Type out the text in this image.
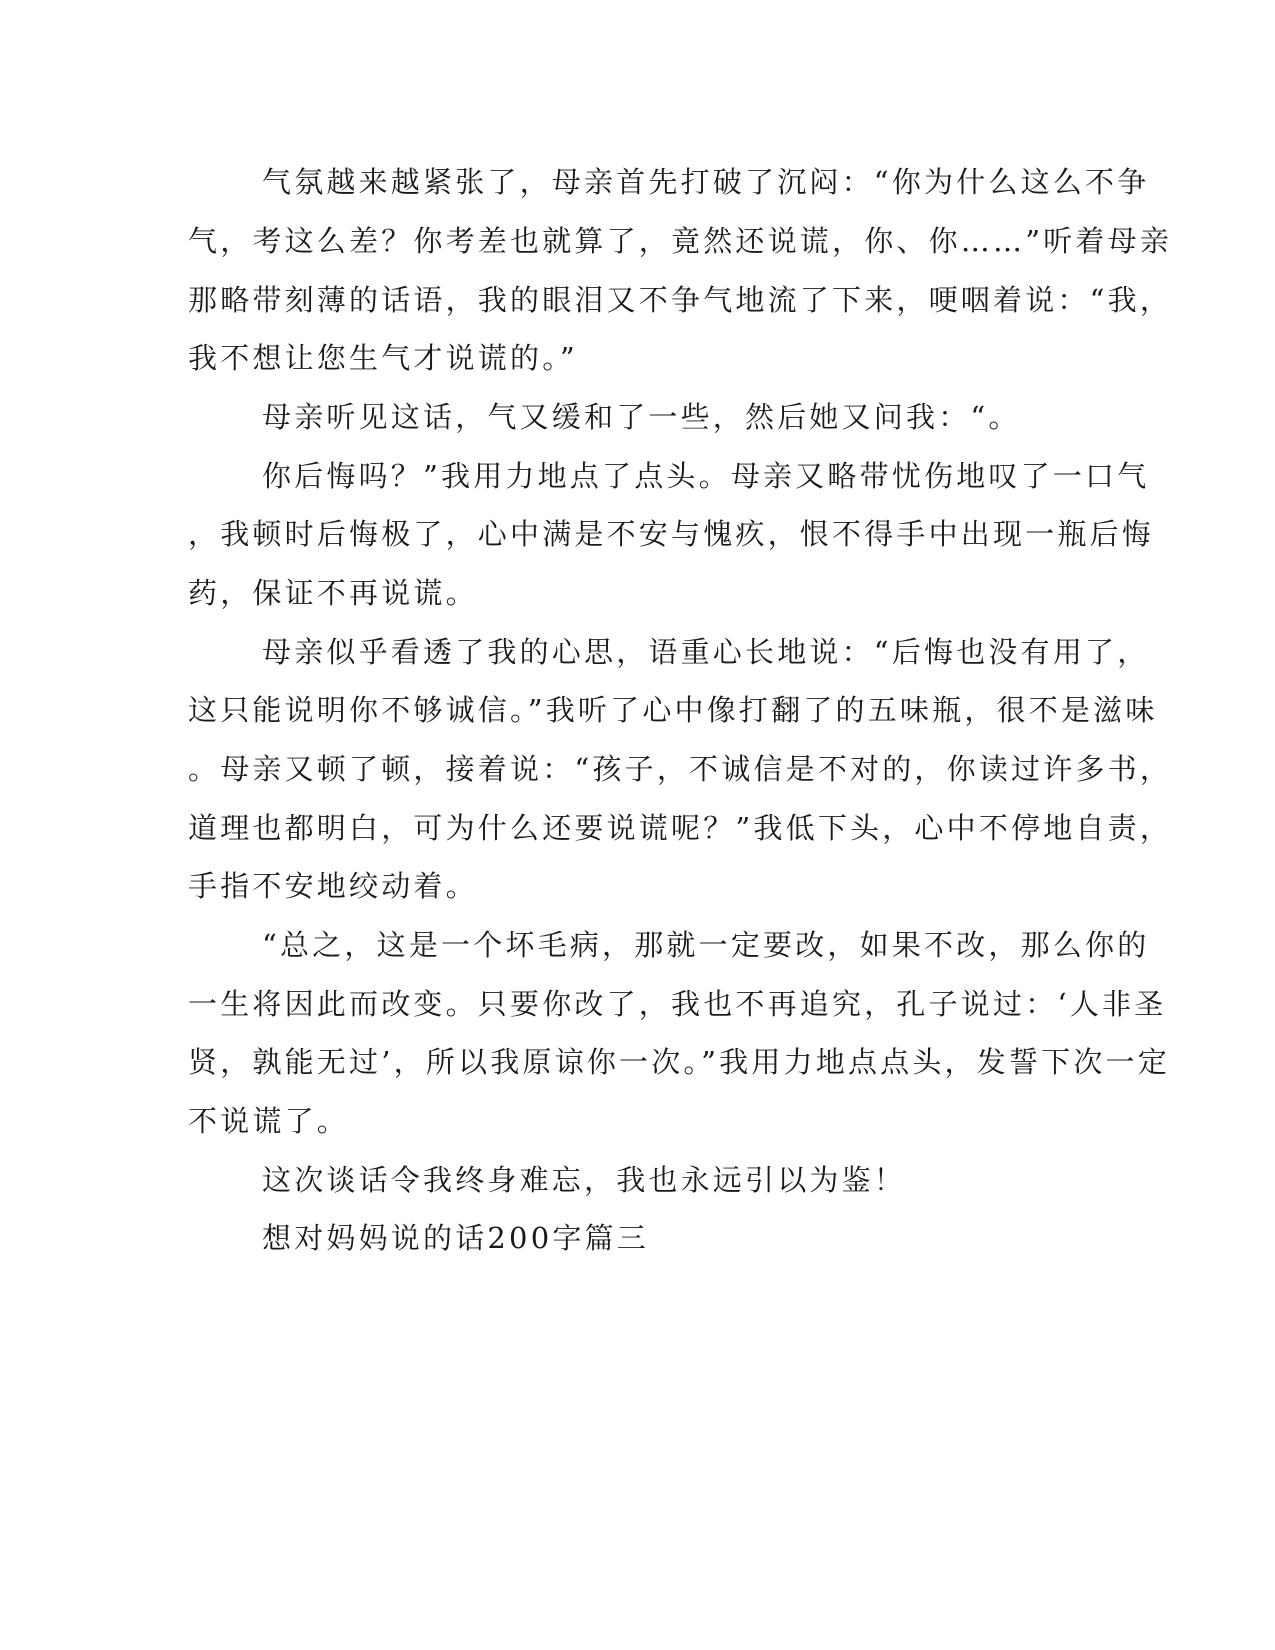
气氛越来越紧张了，母亲首先打破了沉闷：“你为什么这么不争
气，考这么差？你考差也就算了，竟然还说谎，你、你……”听着母亲
那略带刻薄的话语，我的眼泪又不争气地流了下来，哽咽着说：“我，
我不想让您生气才说谎的。”
母亲听见这话，气又缓和了一些，然后她又问我：“。
你后悔吗？”我用力地点了点头。母亲又略带忧伤地叹了一口气
，我顿时后悔极了，心中满是不安与愧疚，恨不得手中出现一瓶后悔
药，保证不再说谎。
母亲似乎看透了我的心思，语重心长地说：“后悔也没有用了，
这只能说明你不够诚信。”我听了心中像打翻了的五味瓶，很不是滋味
。母亲又顿了顿，接着说：“孩子，不诚信是不对的，你读过许多书，
道理也都明白，可为什么还要说谎呢？”我低下头，心中不停地自责，
手指不安地绞动着。
“总之，这是一个坏毛病，那就一定要改，如果不改，那么你的
一生将因此而改变。只要你改了，我也不再追究，孔子说过：‘人非圣
贤，孰能无过’，所以我原谅你一次。”我用力地点点头，发誓下次一定
不说谎了。
这次谈话令我终身难忘，我也永远引以为鉴！
想对妈妈说的话200字篇三
